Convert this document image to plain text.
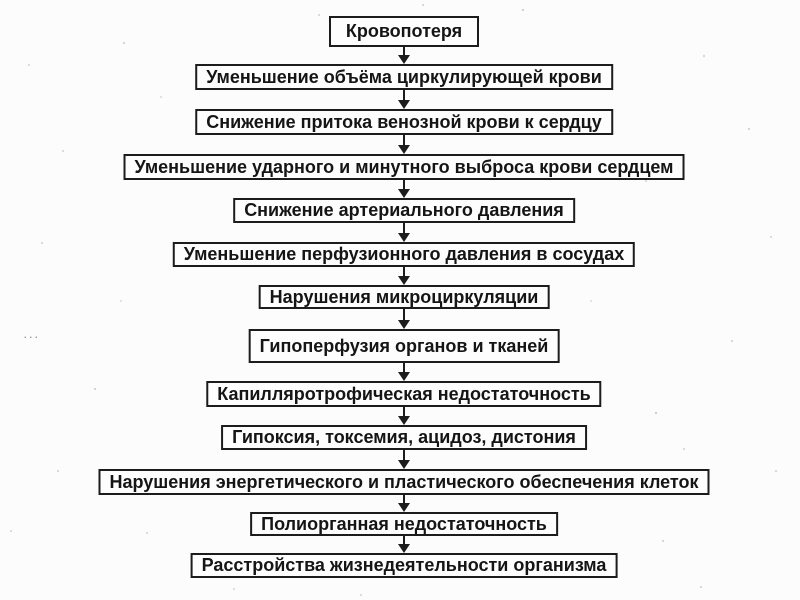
...
Кровопотеря
Уменьшение объёма циркулирующей крови
Снижение притока венозной крови к сердцу
Уменьшение ударного и минутного выброса крови сердцем
Снижение артериального давления
Уменьшение перфузионного давления в сосудах
Нарушения микроциркуляции
Гипоперфузия органов и тканей
Капилляротрофическая недостаточность
Гипоксия, токсемия, ацидоз, дистония
Нарушения энергетического и пластического обеспечения клеток
Полиорганная недостаточность
Расстройства жизнедеятельности организма
